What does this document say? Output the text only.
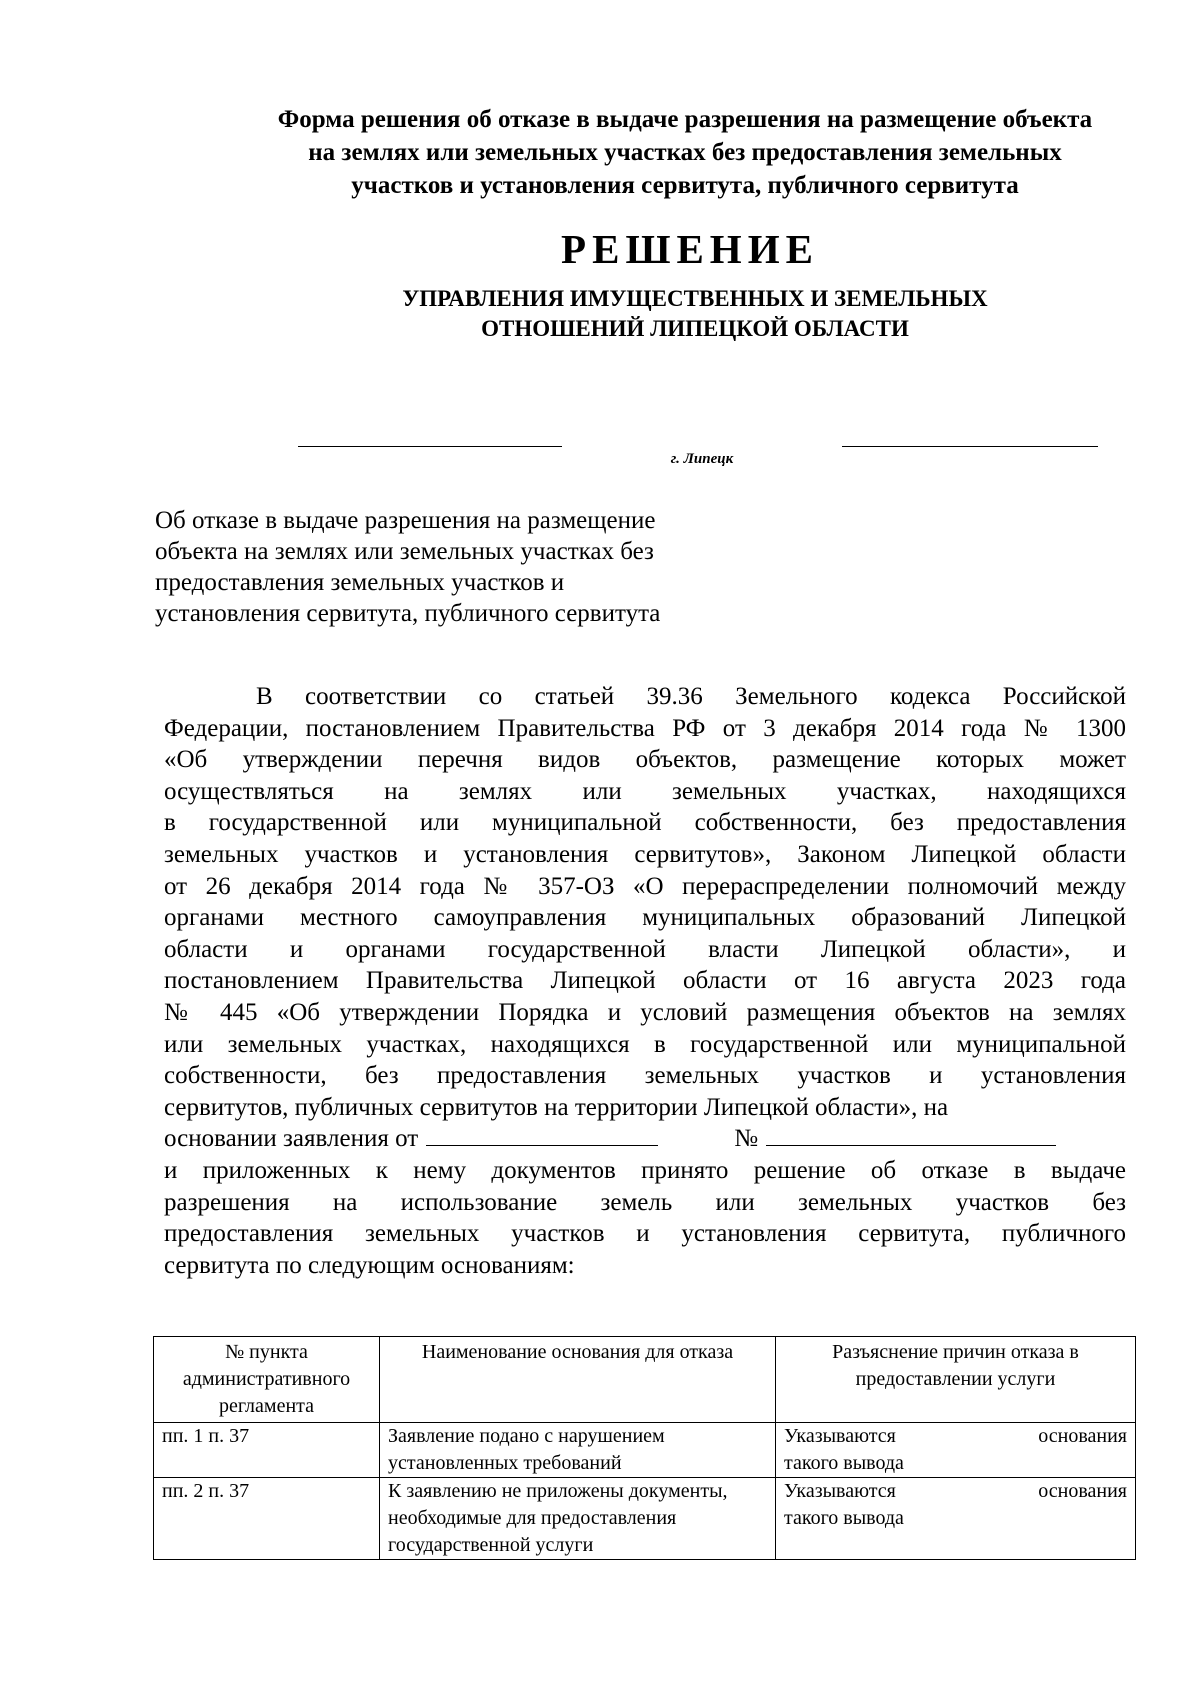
Форма решения об отказе в выдаче разрешения на размещение объекта
на землях или земельных участках без предоставления земельных
участков и установления сервитута, публичного сервитута
РЕШЕНИЕ
УПРАВЛЕНИЯ ИМУЩЕСТВЕННЫХ И ЗЕМЕЛЬНЫХ
ОТНОШЕНИЙ ЛИПЕЦКОЙ ОБЛАСТИ
г. Липецк
Об отказе в выдаче разрешения на размещение
объекта на землях или земельных участках без
предоставления земельных участков и
установления сервитута, публичного сервитута
В соответствии со статьей 39.36 Земельного кодекса Российской
Федерации, постановлением Правительства РФ от 3 декабря 2014 года № 1300
«Об утверждении перечня видов объектов, размещение которых может
осуществляться на землях или земельных участках, находящихся
в государственной или муниципальной собственности, без предоставления
земельных участков и установления сервитутов», Законом Липецкой области
от 26 декабря 2014 года № 357-ОЗ «О перераспределении полномочий между
органами местного самоуправления муниципальных образований Липецкой
области и органами государственной власти Липецкой области», и
постановлением Правительства Липецкой области от 16 августа 2023 года
№ 445 «Об утверждении Порядка и условий размещения объектов на землях
или земельных участках, находящихся в государственной или муниципальной
собственности, без предоставления земельных участков и установления
сервитутов, публичных сервитутов на территории Липецкой области», на
основании заявления от	№
и приложенных к нему документов принято решение об отказе в выдаче
разрешения на использование земель или земельных участков без
предоставления земельных участков и установления сервитута, публичного
сервитута по следующим основаниям:
№ пункта административного регламента	Наименование основания для отказа	Разъяснение причин отказа в предоставлении услуги
пп. 1 п. 37	Заявление подано с нарушением установленных требований	Указываются основания
такого вывода

пп. 2 п. 37	К заявлению не приложены документы, необходимые для предоставления государственной услуги	Указываются основания
такого вывода
